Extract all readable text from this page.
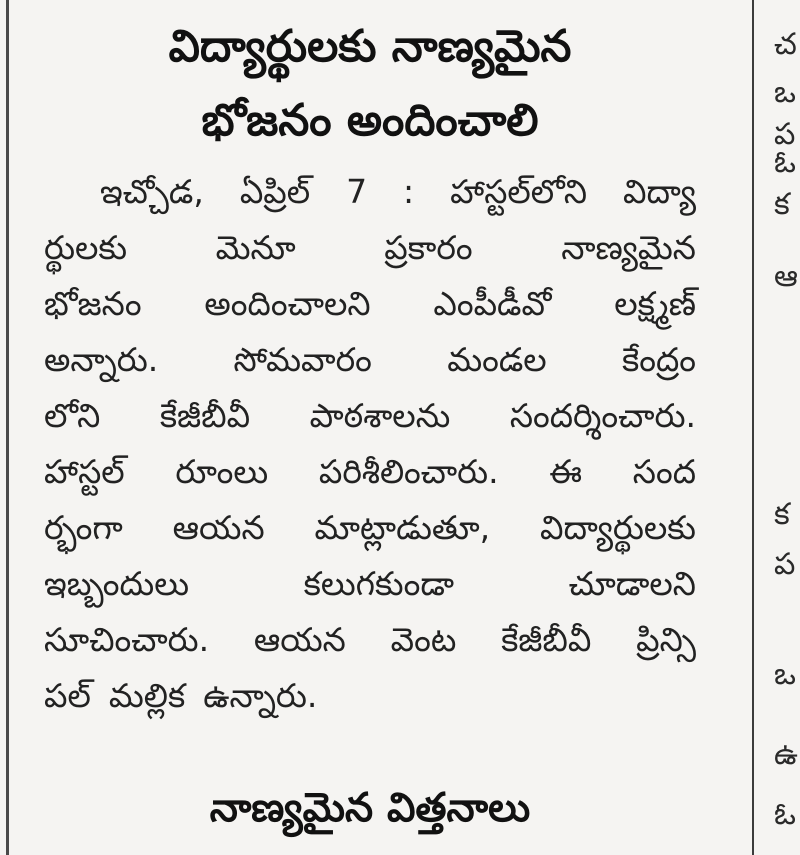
విద్యార్థులకు నాణ్యమైన
భోజనం అందించాలి
ఇచ్చోడ, ఏప్రిల్ 7 : హాస్టల్‌లోని విద్యా
ర్థులకు	మెనూ	ప్రకారం	నాణ్యమైన
భోజనం అందించాలని ఎంపీడీవో లక్ష్మణ్
అన్నారు. సోమవారం మండల కేంద్రం
లోని కేజీబీవీ పాఠశాలను సందర్శించారు.
హాస్టల్ రూంలు పరిశీలించారు. ఈ సంద
ర్భంగా ఆయన మాట్లాడుతూ, విద్యార్థులకు
ఇబ్బందులు	కలుగకుండా	చూడాలని
సూచించారు. ఆయన వెంట కేజీబీవీ ప్రిన్సి
పల్ మల్లిక ఉన్నారు.
నాణ్యమైన విత్తనాలు
చ
ఒ
ప
ఓ
క
ఆ
క
ప
ఒ
ఉ
ఓ
